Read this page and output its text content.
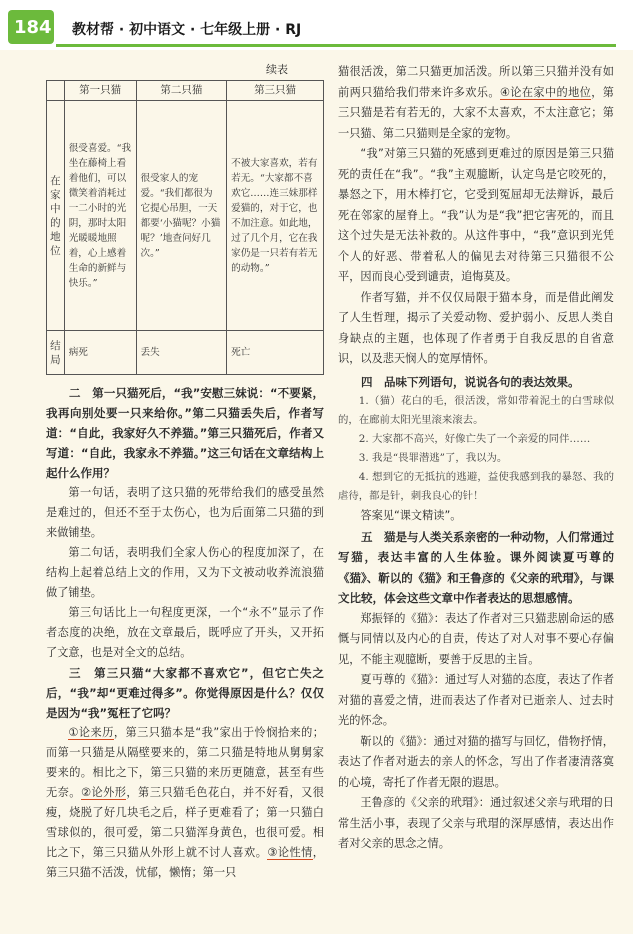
184 教材帮 · 初中语文 · 七年级上册 · RJ
续表
	第一只猫	第二只猫	第三只猫
在家中的地位	很受喜爱。“我坐在藤椅上看着他们，可以微笑着消耗过一二小时的光阴，那时太阳光暖暖地照着，心上感着生命的新鲜与快乐。”	很受家人的宠爱。“我们都很为它提心吊胆，一天都要‘小猫呢？小猫呢？’地查问好几次。”	不被大家喜欢，若有若无。“大家都不喜欢它……连三妹那样爱猫的，对于它，也不加注意。如此地，过了几个月，它在我家仍是一只若有若无的动物。”
结局	病死	丢失	死亡

二　 第一只猫死后，“我”安慰三妹说：“不要紧，我再向别处要一只来给你。”第二只猫丢失后，作者写道：“自此，我家好久不养猫。”第三只猫死后，作者又写道：“自此，我家永不养猫。”这三句话在文章结构上起什么作用？

第一句话，表明了这只猫的死带给我们的感受虽然是难过的，但还不至于太伤心，也为后面第二只猫的到来做铺垫。

第二句话，表明我们全家人伤心的程度加深了，在结构上起着总结上文的作用，又为下文被动收养流浪猫做了铺垫。

第三句话比上一句程度更深，一个“永不”显示了作者态度的决绝，放在文章最后，既呼应了开头，又开拓了文意，也是对全文的总结。

三　 第三只猫“大家都不喜欢它”，但它亡失之后，“我”却“更难过得多”。你觉得原因是什么？仅仅是因为“我”冤枉了它吗？

①论来历，第三只猫本是“我”家出于怜悯拾来的；而第一只猫是从隔壁要来的，第二只猫是特地从舅舅家要来的。相比之下，第三只猫的来历更随意，甚至有些无奈。②论外形，第三只猫毛色花白，并不好看，又很瘦，烧脱了好几块毛之后，样子更难看了；第一只猫白雪球似的，很可爱，第二只猫浑身黄色，也很可爱。相比之下，第三只猫从外形上就不讨人喜欢。③论性情，第三只猫不活泼，忧郁，懒惰；第一只

猫很活泼，第二只猫更加活泼。所以第三只猫并没有如前两只猫给我们带来许多欢乐。④论在家中的地位，第三只猫是若有若无的，大家不太喜欢，不太注意它；第一只猫、第二只猫则是全家的宠物。

“我”对第三只猫的死感到更难过的原因是第三只猫死的责任在“我”。“我”主观臆断，认定鸟是它咬死的，暴怒之下，用木棒打它，它受到冤屈却无法辩诉，最后死在邻家的屋脊上。“我”认为是“我”把它害死的，而且这个过失是无法补救的。从这件事中，“我”意识到光凭个人的好恶、带着私人的偏见去对待第三只猫很不公平，因而良心受到谴责，追悔莫及。

作者写猫，并不仅仅局限于猫本身，而是借此阐发了人生哲理，揭示了关爱动物、爱护弱小、反思人类自身缺点的主题，也体现了作者勇于自我反思的自省意识，以及悲天悯人的宽厚情怀。

四　 品味下列语句，说说各句的表达效果。

1.（猫）花白的毛，很活泼，常如带着泥土的白雪球似的，在廊前太阳光里滚来滚去。

2. 大家都不高兴，好像亡失了一个亲爱的同伴……

3. 我是“畏罪潜逃”了，我以为。

4. 想到它的无抵抗的逃避，益使我感到我的暴怒、我的虐待，都是针，刺我良心的针！

答案见“课文精读”。

五　 猫是与人类关系亲密的一种动物，人们常通过写猫，表达丰富的人生体验。课外阅读夏丏尊的《猫》、靳以的《猫》和王鲁彦的《父亲的玳瑁》，与课文比较，体会这些文章中作者表达的思想感情。

郑振铎的《猫》：表达了作者对三只猫悲剧命运的感慨与同情以及内心的自责，传达了对人对事不要心存偏见，不能主观臆断，要善于反思的主旨。

夏丏尊的《猫》：通过写人对猫的态度，表达了作者对猫的喜爱之情，进而表达了作者对已逝亲人、过去时光的怀念。

靳以的《猫》：通过对猫的描写与回忆，借物抒情，表达了作者对逝去的亲人的怀念，写出了作者凄清落寞的心境，寄托了作者无限的遐思。

王鲁彦的《父亲的玳瑁》：通过叙述父亲与玳瑁的日常生活小事，表现了父亲与玳瑁的深厚感情，表达出作者对父亲的思念之情。
